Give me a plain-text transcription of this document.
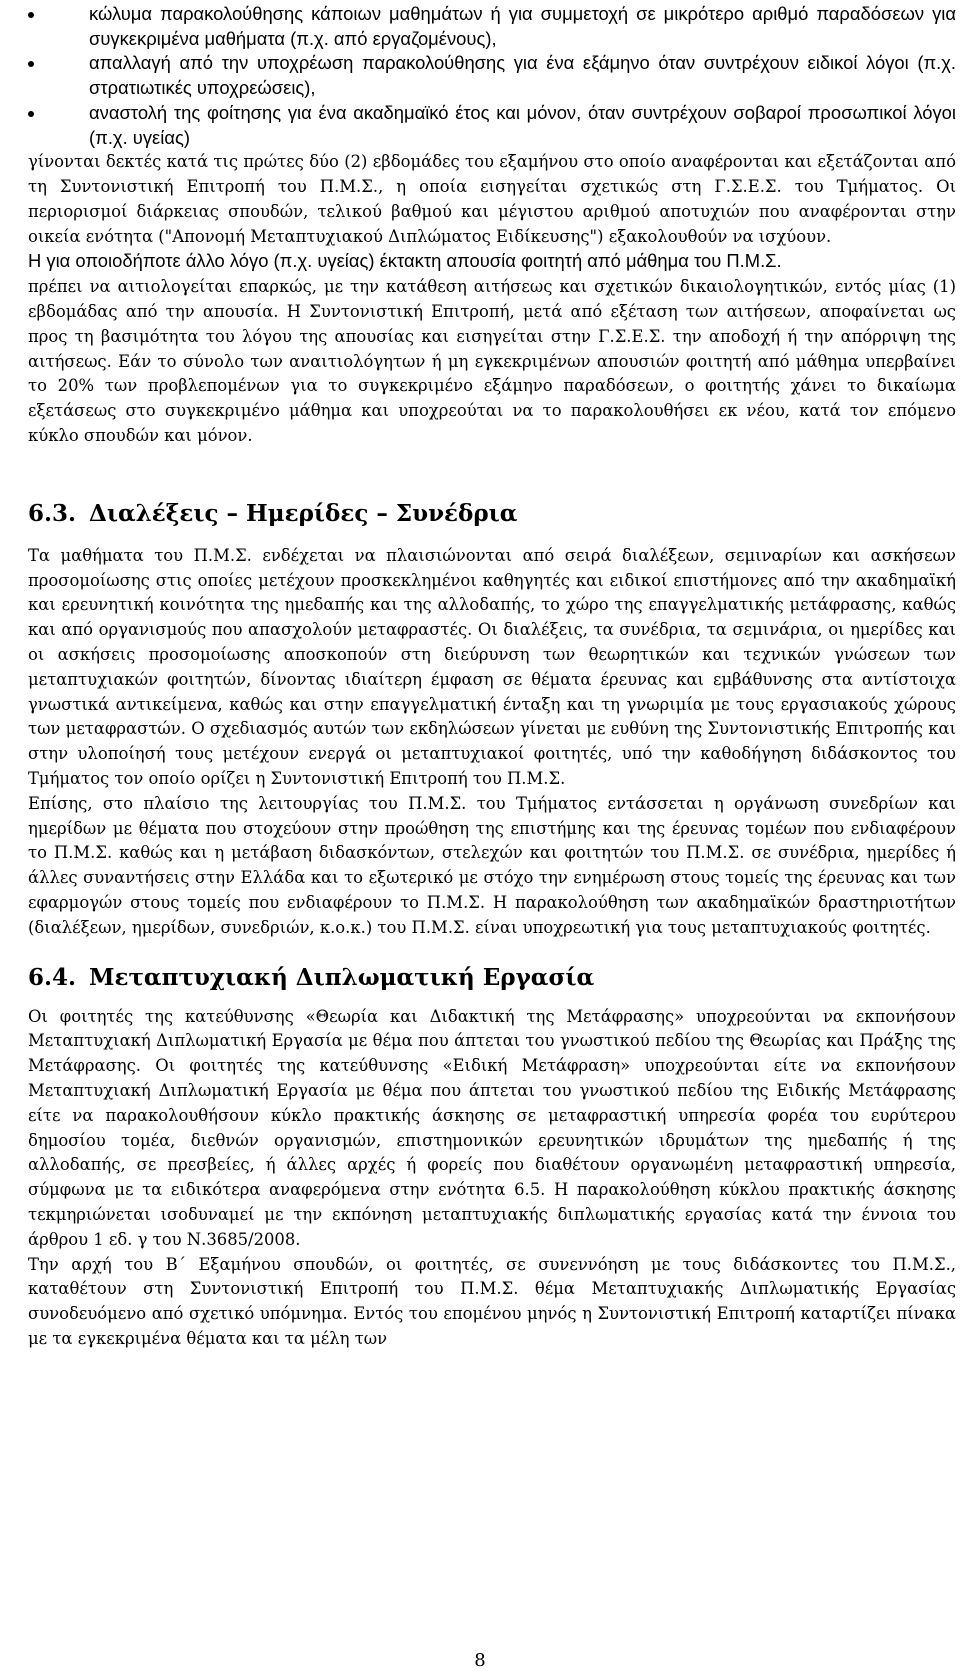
κώλυμα παρακολούθησης κάποιων μαθημάτων ή για συμμετοχή σε μικρότερο αριθμό παραδόσεων για συγκεκριμένα μαθήματα (π.χ. από εργαζομένους),
απαλλαγή από την υποχρέωση παρακολούθησης για ένα εξάμηνο όταν συντρέχουν ειδικοί λόγοι (π.χ. στρατιωτικές υποχρεώσεις),
αναστολή της φοίτησης για ένα ακαδημαϊκό έτος και μόνον, όταν συντρέχουν σοβαροί προσωπικοί λόγοι (π.χ. υγείας)

γίνονται δεκτές κατά τις πρώτες δύο (2) εβδομάδες του εξαμήνου στο οποίο αναφέρονται και εξετάζονται από τη Συντονιστική Επιτροπή του Π.Μ.Σ., η οποία εισηγείται σχετικώς στη Γ.Σ.Ε.Σ. του Τμήματος. Οι περιορισμοί διάρκειας σπουδών, τελικού βαθμού και μέγιστου αριθμού αποτυχιών που αναφέρονται στην οικεία ενότητα ("Απονομή Μεταπτυχιακού Διπλώματος Ειδίκευσης") εξακολουθούν να ισχύουν.

Η για οποιοδήποτε άλλο λόγο (π.χ. υγείας) έκτακτη απουσία φοιτητή από μάθημα του Π.Μ.Σ.
πρέπει να αιτιολογείται επαρκώς, με την κατάθεση αιτήσεως και σχετικών δικαιολογητικών, εντός μίας (1) εβδομάδας από την απουσία. Η Συντονιστική Επιτροπή, μετά από εξέταση των αιτήσεων, αποφαίνεται ως προς τη βασιμότητα του λόγου της απουσίας και εισηγείται στην Γ.Σ.Ε.Σ. την αποδοχή ή την απόρριψη της αιτήσεως. Εάν το σύνολο των αναιτιολόγητων ή μη εγκεκριμένων απουσιών φοιτητή από μάθημα υπερβαίνει το 20% των προβλεπομένων για το συγκεκριμένο εξάμηνο παραδόσεων, ο φοιτητής χάνει το δικαίωμα εξετάσεως στο συγκεκριμένο μάθημα και υποχρεούται να το παρακολουθήσει εκ νέου, κατά τον επόμενο κύκλο σπουδών και μόνον.

6.3. Διαλέξεις – Ημερίδες – Συνέδρια

Τα μαθήματα του Π.Μ.Σ. ενδέχεται να πλαισιώνονται από σειρά διαλέξεων, σεμιναρίων και ασκήσεων προσομοίωσης στις οποίες μετέχουν προσκεκλημένοι καθηγητές και ειδικοί επιστήμονες από την ακαδημαϊκή και ερευνητική κοινότητα της ημεδαπής και της αλλοδαπής, το χώρο της επαγγελματικής μετάφρασης, καθώς και από οργανισμούς που απασχολούν μεταφραστές. Οι διαλέξεις, τα συνέδρια, τα σεμινάρια, οι ημερίδες και οι ασκήσεις προσομοίωσης αποσκοπούν στη διεύρυνση των θεωρητικών και τεχνικών γνώσεων των μεταπτυχιακών φοιτητών, δίνοντας ιδιαίτερη έμφαση σε θέματα έρευνας και εμβάθυνσης στα αντίστοιχα γνωστικά αντικείμενα, καθώς και στην επαγγελματική ένταξη και τη γνωριμία με τους εργασιακούς χώρους των μεταφραστών. Ο σχεδιασμός αυτών των εκδηλώσεων γίνεται με ευθύνη της Συντονιστικής Επιτροπής και στην υλοποίησή τους μετέχουν ενεργά οι μεταπτυχιακοί φοιτητές, υπό την καθοδήγηση διδάσκοντος του Τμήματος τον οποίο ορίζει η Συντονιστική Επιτροπή του Π.Μ.Σ.

Επίσης, στο πλαίσιο της λειτουργίας του Π.Μ.Σ. του Τμήματος εντάσσεται η οργάνωση συνεδρίων και ημερίδων με θέματα που στοχεύουν στην προώθηση της επιστήμης και της έρευνας τομέων που ενδιαφέρουν το Π.Μ.Σ. καθώς και η μετάβαση διδασκόντων, στελεχών και φοιτητών του Π.Μ.Σ. σε συνέδρια, ημερίδες ή άλλες συναντήσεις στην Ελλάδα και το εξωτερικό με στόχο την ενημέρωση στους τομείς της έρευνας και των εφαρμογών στους τομείς που ενδιαφέρουν το Π.Μ.Σ. Η παρακολούθηση των ακαδημαϊκών δραστηριοτήτων (διαλέξεων, ημερίδων, συνεδριών, κ.ο.κ.) του Π.Μ.Σ. είναι υποχρεωτική για τους μεταπτυχιακούς φοιτητές.

6.4. Μεταπτυχιακή Διπλωματική Εργασία

Οι φοιτητές της κατεύθυνσης «Θεωρία και Διδακτική της Μετάφρασης» υποχρεούνται να εκπονήσουν Μεταπτυχιακή Διπλωματική Εργασία με θέμα που άπτεται του γνωστικού πεδίου της Θεωρίας και Πράξης της Μετάφρασης. Οι φοιτητές της κατεύθυνσης «Ειδική Μετάφραση» υποχρεούνται είτε να εκπονήσουν Μεταπτυχιακή Διπλωματική Εργασία με θέμα που άπτεται του γνωστικού πεδίου της Ειδικής Μετάφρασης είτε να παρακολουθήσουν κύκλο πρακτικής άσκησης σε μεταφραστική υπηρεσία φορέα του ευρύτερου δημοσίου τομέα, διεθνών οργανισμών, επιστημονικών ερευνητικών ιδρυμάτων της ημεδαπής ή της αλλοδαπής, σε πρεσβείες, ή άλλες αρχές ή φορείς που διαθέτουν οργανωμένη μεταφραστική υπηρεσία, σύμφωνα με τα ειδικότερα αναφερόμενα στην ενότητα 6.5. Η παρακολούθηση κύκλου πρακτικής άσκησης τεκμηριώνεται ισοδυναμεί με την εκπόνηση μεταπτυχιακής διπλωματικής εργασίας κατά την έννοια του άρθρου 1 εδ. γ του Ν.3685/2008.

Την αρχή του Β΄ Εξαμήνου σπουδών, οι φοιτητές, σε συνεννόηση με τους διδάσκοντες του Π.Μ.Σ., καταθέτουν στη Συντονιστική Επιτροπή του Π.Μ.Σ. θέμα Μεταπτυχιακής Διπλωματικής Εργασίας συνοδευόμενο από σχετικό υπόμνημα. Εντός του επομένου μηνός η Συντονιστική Επιτροπή καταρτίζει πίνακα με τα εγκεκριμένα θέματα και τα μέλη των

8
